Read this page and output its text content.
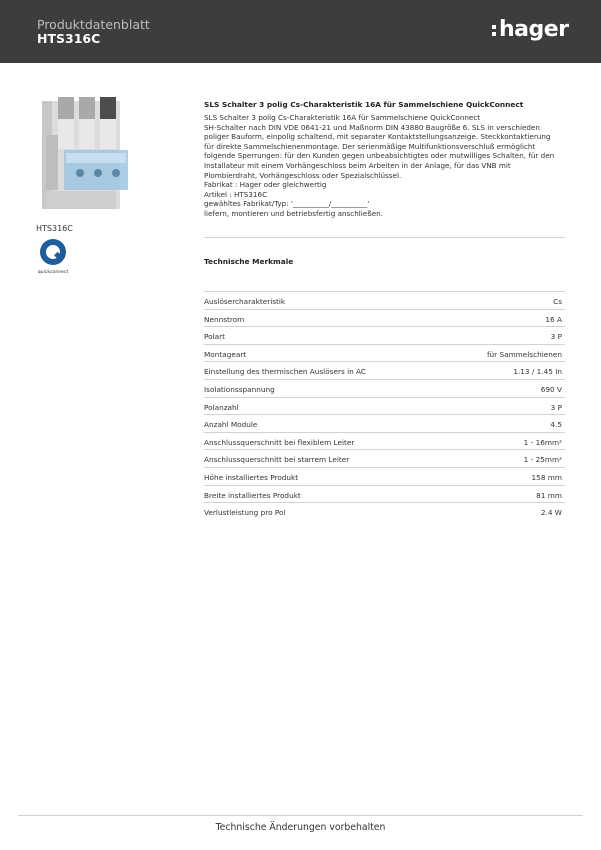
Produktdatenblatt
HTS316C	hager
HTS316C
quickconnect
SLS Schalter 3 polig Cs-Charakteristik 16A für Sammelschiene QuickConnect
SLS Schalter 3 polig Cs-Charakteristik 16A für Sammelschiene QuickConnect
SH-Schalter nach DIN VDE 0641-21 und Maßnorm DIN 43880 Baugröße 6. SLS in verschieden
poliger Bauform, einpolig schaltend, mit separater Kontaktstellungsanzeige. Steckkontaktierung
für direkte Sammelschienenmontage. Der serienmäßige Multifunktionsverschluß ermöglicht
folgende Sperrungen: für den Kunden gegen unbeabsichtigtes oder mutwilliges Schalten, für den
Installateur mit einem Vorhängeschloss beim Arbeiten in der Anlage, für das VNB mit
Plombierdraht, Vorhängeschloss oder Spezialschlüssel.
Fabrikat : Hager oder gleichwertig
Artikel : HTS316C
gewähltes Fabrikat/Typ: '__________/__________'
liefern, montieren und betriebsfertig anschließen.
Technische Merkmale
Auslösercharakteristik	Cs
Nennstrom	16 A
Polart	3 P
Montageart	für Sammelschienen
Einstellung des thermischen Auslösers in AC	1.13 / 1.45 In
Isolationsspannung	690 V
Polanzahl	3 P
Anzahl Module	4.5
Anschlussquerschnitt bei flexiblem Leiter	1 - 16mm²
Anschlussquerschnitt bei starrem Leiter	1 - 25mm²
Höhe installiertes Produkt	158 mm
Breite installiertes Produkt	81 mm
Verlustleistung pro Pol	2.4 W
Technische Änderungen vorbehalten
